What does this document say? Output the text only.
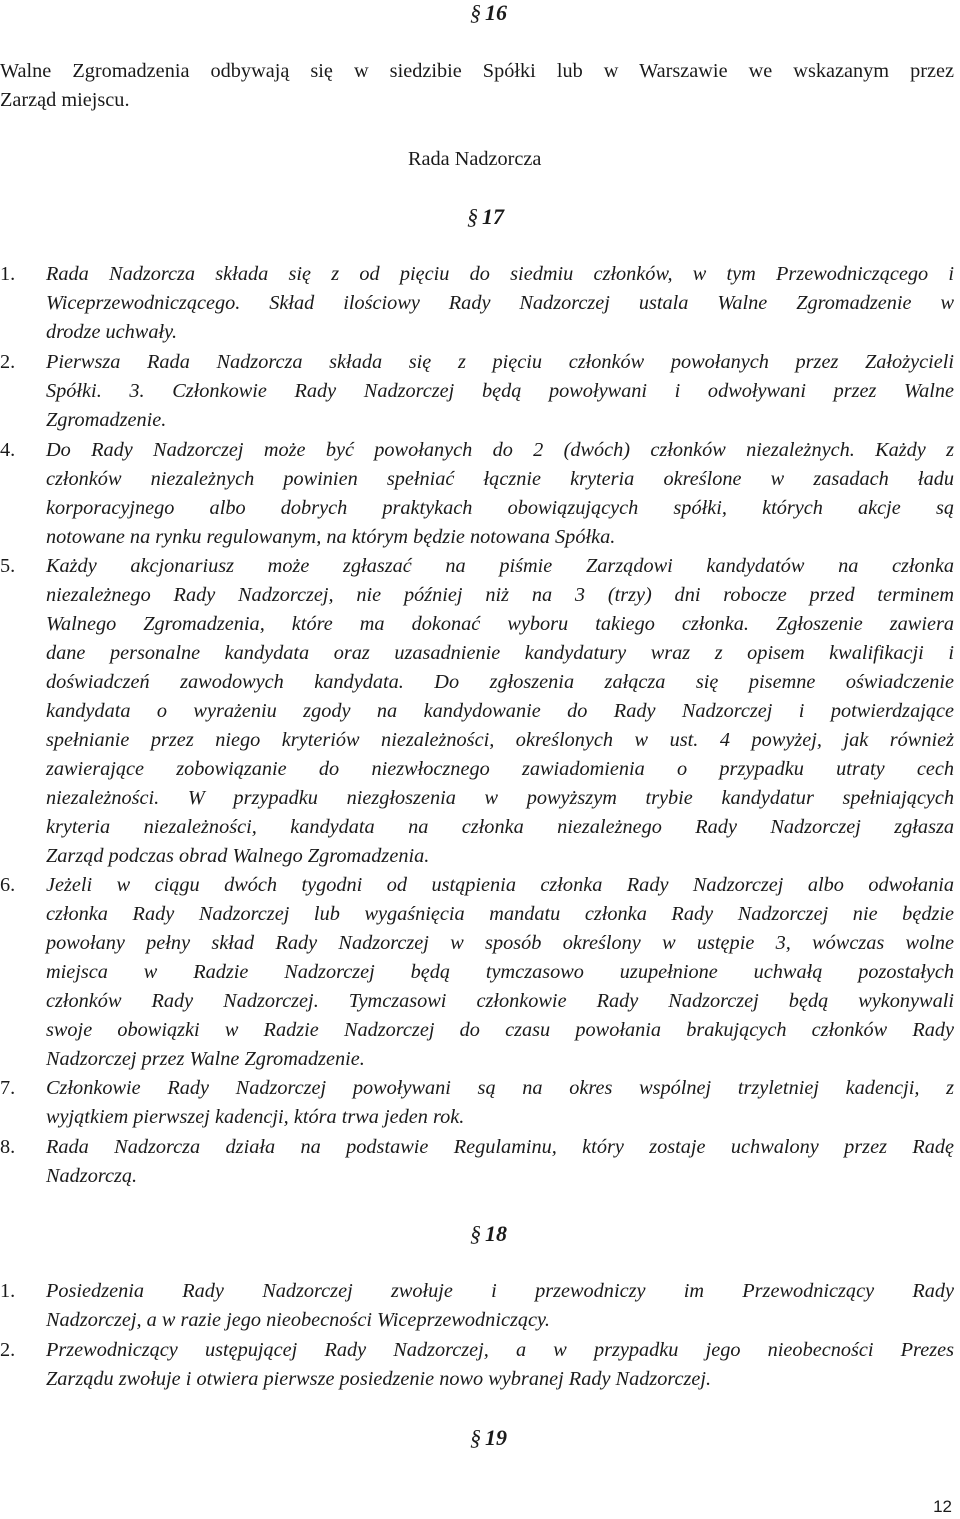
§ 16
Walne Zgromadzenia odbywają się w siedzibie Spółki lub w Warszawie we wskazanym przez
Zarząd miejscu.
Rada Nadzorcza
§ 17
1. Rada Nadzorcza składa się z od pięciu do siedmiu członków, w tym Przewodniczącego i
Wiceprzewodniczącego. Skład ilościowy Rady Nadzorczej ustala Walne Zgromadzenie w
drodze uchwały.
2. Pierwsza Rada Nadzorcza składa się z pięciu członków powołanych przez Założycieli
Spółki. 3. Członkowie Rady Nadzorczej będą powoływani i odwoływani przez Walne
Zgromadzenie.
4. Do Rady Nadzorczej może być powołanych do 2 (dwóch) członków niezależnych. Każdy z
członków niezależnych powinien spełniać łącznie kryteria określone w zasadach ładu
korporacyjnego albo dobrych praktykach obowiązujących spółki, których akcje są
notowane na rynku regulowanym, na którym będzie notowana Spółka.
5. Każdy akcjonariusz może zgłaszać na piśmie Zarządowi kandydatów na członka
niezależnego Rady Nadzorczej, nie później niż na 3 (trzy) dni robocze przed terminem
Walnego Zgromadzenia, które ma dokonać wyboru takiego członka. Zgłoszenie zawiera
dane personalne kandydata oraz uzasadnienie kandydatury wraz z opisem kwalifikacji i
doświadczeń zawodowych kandydata. Do zgłoszenia załącza się pisemne oświadczenie
kandydata o wyrażeniu zgody na kandydowanie do Rady Nadzorczej i potwierdzające
spełnianie przez niego kryteriów niezależności, określonych w ust. 4 powyżej, jak również
zawierające zobowiązanie do niezwłocznego zawiadomienia o przypadku utraty cech
niezależności. W przypadku niezgłoszenia w powyższym trybie kandydatur spełniających
kryteria niezależności, kandydata na członka niezależnego Rady Nadzorczej zgłasza
Zarząd podczas obrad Walnego Zgromadzenia.
6. Jeżeli w ciągu dwóch tygodni od ustąpienia członka Rady Nadzorczej albo odwołania
członka Rady Nadzorczej lub wygaśnięcia mandatu członka Rady Nadzorczej nie będzie
powołany pełny skład Rady Nadzorczej w sposób określony w ustępie 3, wówczas wolne
miejsca w Radzie Nadzorczej będą tymczasowo uzupełnione uchwałą pozostałych
członków Rady Nadzorczej. Tymczasowi członkowie Rady Nadzorczej będą wykonywali
swoje obowiązki w Radzie Nadzorczej do czasu powołania brakujących członków Rady
Nadzorczej przez Walne Zgromadzenie.
7. Członkowie Rady Nadzorczej powoływani są na okres wspólnej trzyletniej kadencji, z
wyjątkiem pierwszej kadencji, która trwa jeden rok.
8. Rada Nadzorcza działa na podstawie Regulaminu, który zostaje uchwalony przez Radę
Nadzorczą.
§ 18
1. Posiedzenia Rady Nadzorczej zwołuje i przewodniczy im Przewodniczący Rady
Nadzorczej, a w razie jego nieobecności Wiceprzewodniczący.
2. Przewodniczący ustępującej Rady Nadzorczej, a w przypadku jego nieobecności Prezes
Zarządu zwołuje i otwiera pierwsze posiedzenie nowo wybranej Rady Nadzorczej.
§ 19
12
